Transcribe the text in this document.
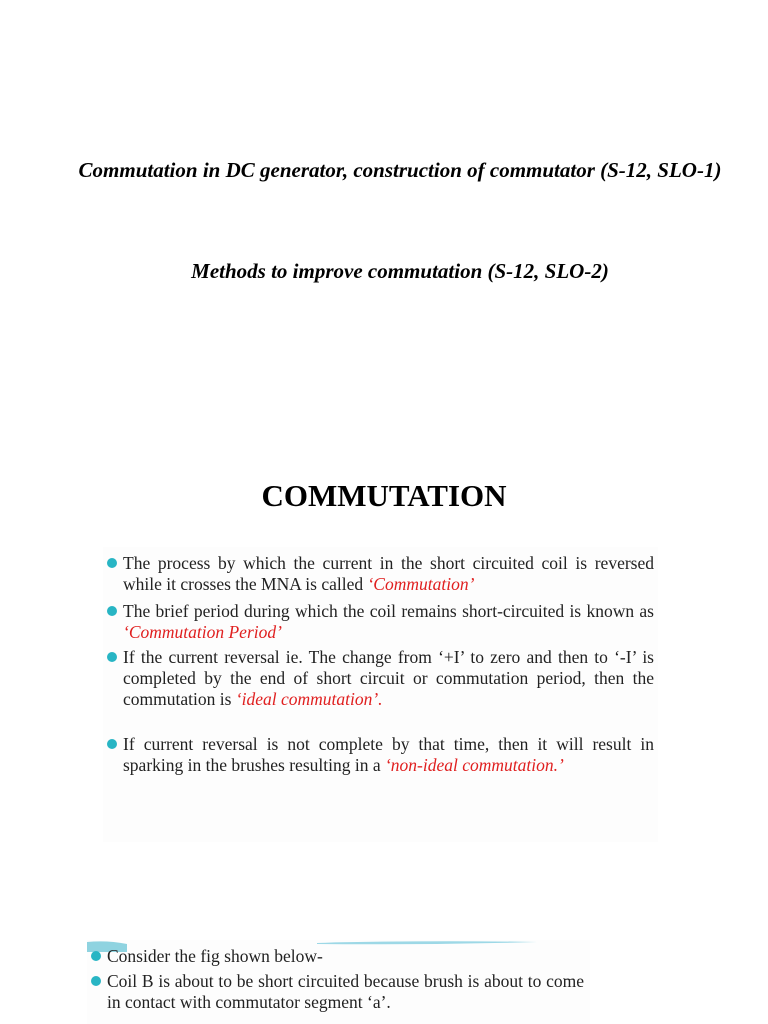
Commutation in DC generator, construction of commutator (S-12, SLO-1)
Methods to improve commutation (S-12, SLO-2)
COMMUTATION

The process by which the current in the short circuited coil is reversed while it crosses the MNA is called ‘Commutation’

The brief period during which the coil remains short-circuited is known as ‘Commutation Period’

If the current reversal ie. The change from ‘+I’ to zero and then to ‘-I’ is completed by the end of short circuit or commutation period, then the commutation is ‘ideal commutation’.

If current reversal is not complete by that time, then it will result in sparking in the brushes resulting in a ‘non-ideal commutation.’

Consider the fig shown below-

Coil B is about to be short circuited because brush is about to come in contact with commutator segment ‘a’.
